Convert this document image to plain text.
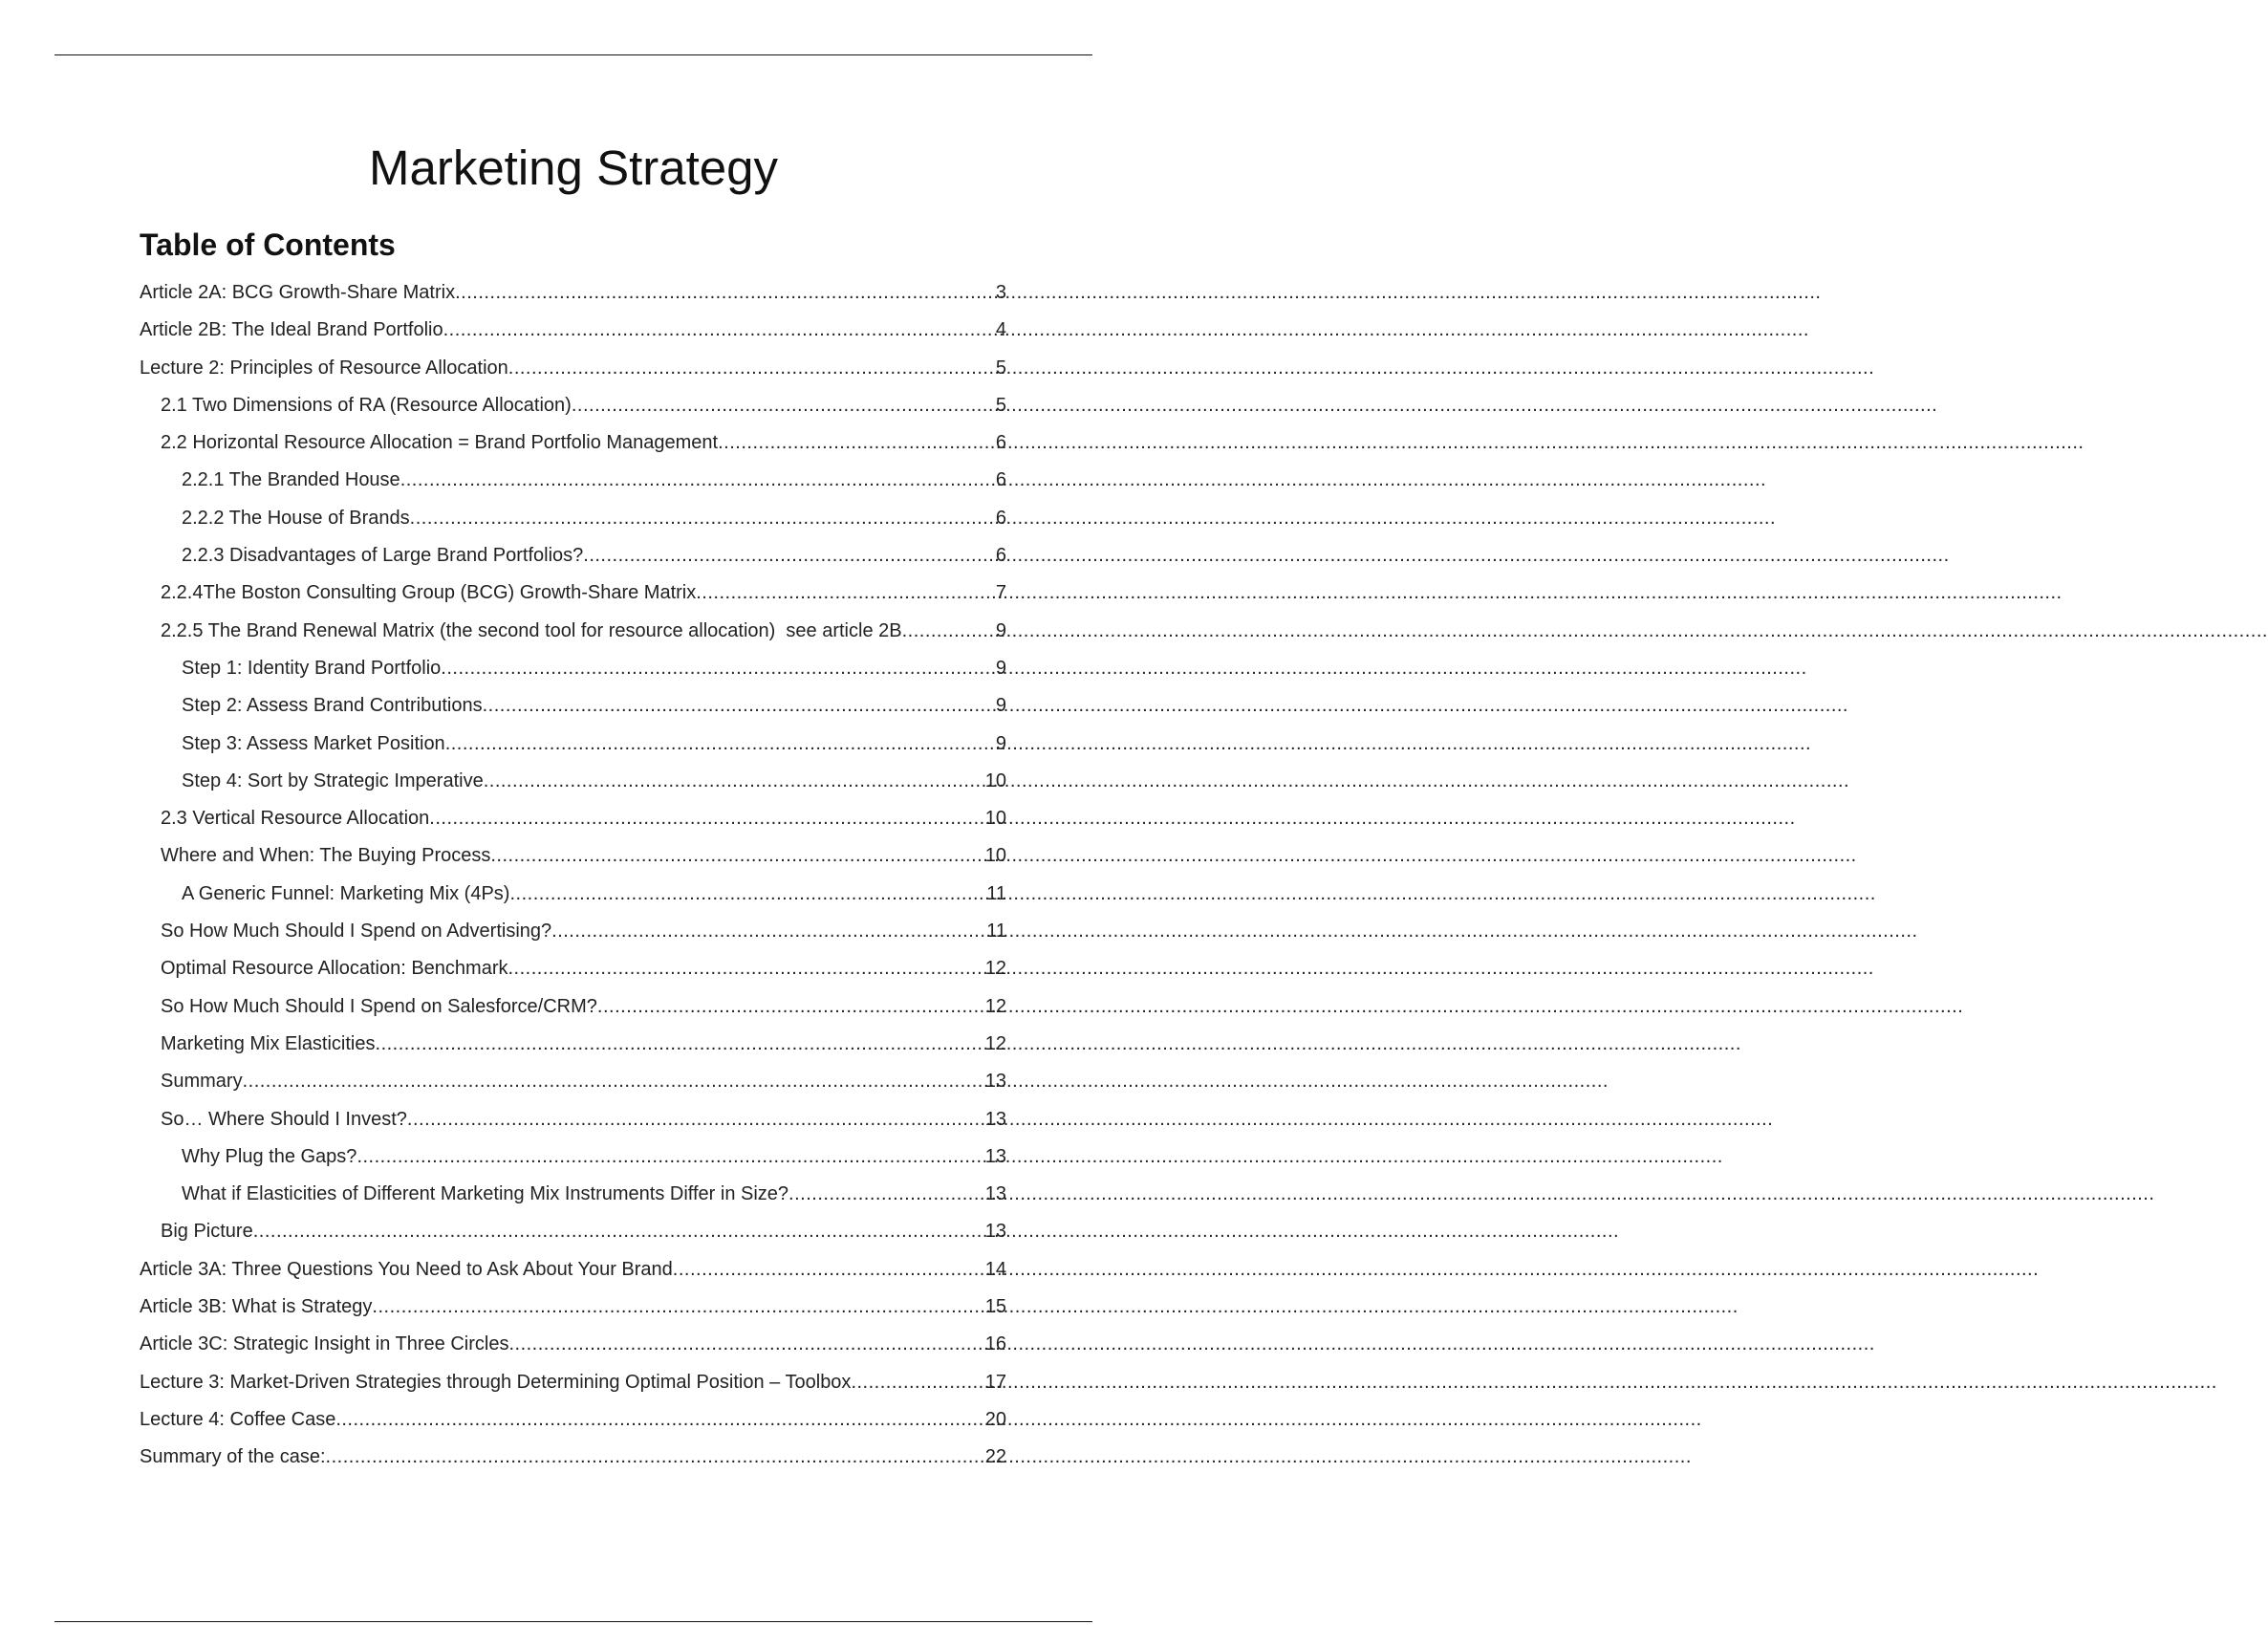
Marketing Strategy
Table of Contents
Article 2A: BCG Growth-Share Matrix .....	3
Article 2B: The Ideal Brand Portfolio .....	4
Lecture 2: Principles of Resource Allocation .....	5
2.1 Two Dimensions of RA (Resource Allocation) .....	5
2.2 Horizontal Resource Allocation = Brand Portfolio Management .....	6
2.2.1 The Branded House .....	6
2.2.2 The House of Brands .....	6
2.2.3 Disadvantages of Large Brand Portfolios? .....	6
2.2.4The Boston Consulting Group (BCG) Growth-Share Matrix .....	7
2.2.5 The Brand Renewal Matrix (the second tool for resource allocation)  see article 2B .....	9
Step 1: Identity Brand Portfolio .....	9
Step 2: Assess Brand Contributions .....	9
Step 3: Assess Market Position .....	9
Step 4: Sort by Strategic Imperative .....	10
2.3 Vertical Resource Allocation .....	10
Where and When: The Buying Process .....	10
A Generic Funnel: Marketing Mix (4Ps) .....	11
So How Much Should I Spend on Advertising? .....	11
Optimal Resource Allocation: Benchmark .....	12
So How Much Should I Spend on Salesforce/CRM? .....	12
Marketing Mix Elasticities .....	12
Summary .....	13
So… Where Should I Invest? .....	13
Why Plug the Gaps? .....	13
What if Elasticities of Different Marketing Mix Instruments Differ in Size? .....	13
Big Picture .....	13
Article 3A: Three Questions You Need to Ask About Your Brand .....	14
Article 3B: What is Strategy .....	15
Article 3C: Strategic Insight in Three Circles .....	16
Lecture 3: Market-Driven Strategies through Determining Optimal Position – Toolbox .....	17
Lecture 4: Coffee Case .....	20
Summary of the case: .....	22
